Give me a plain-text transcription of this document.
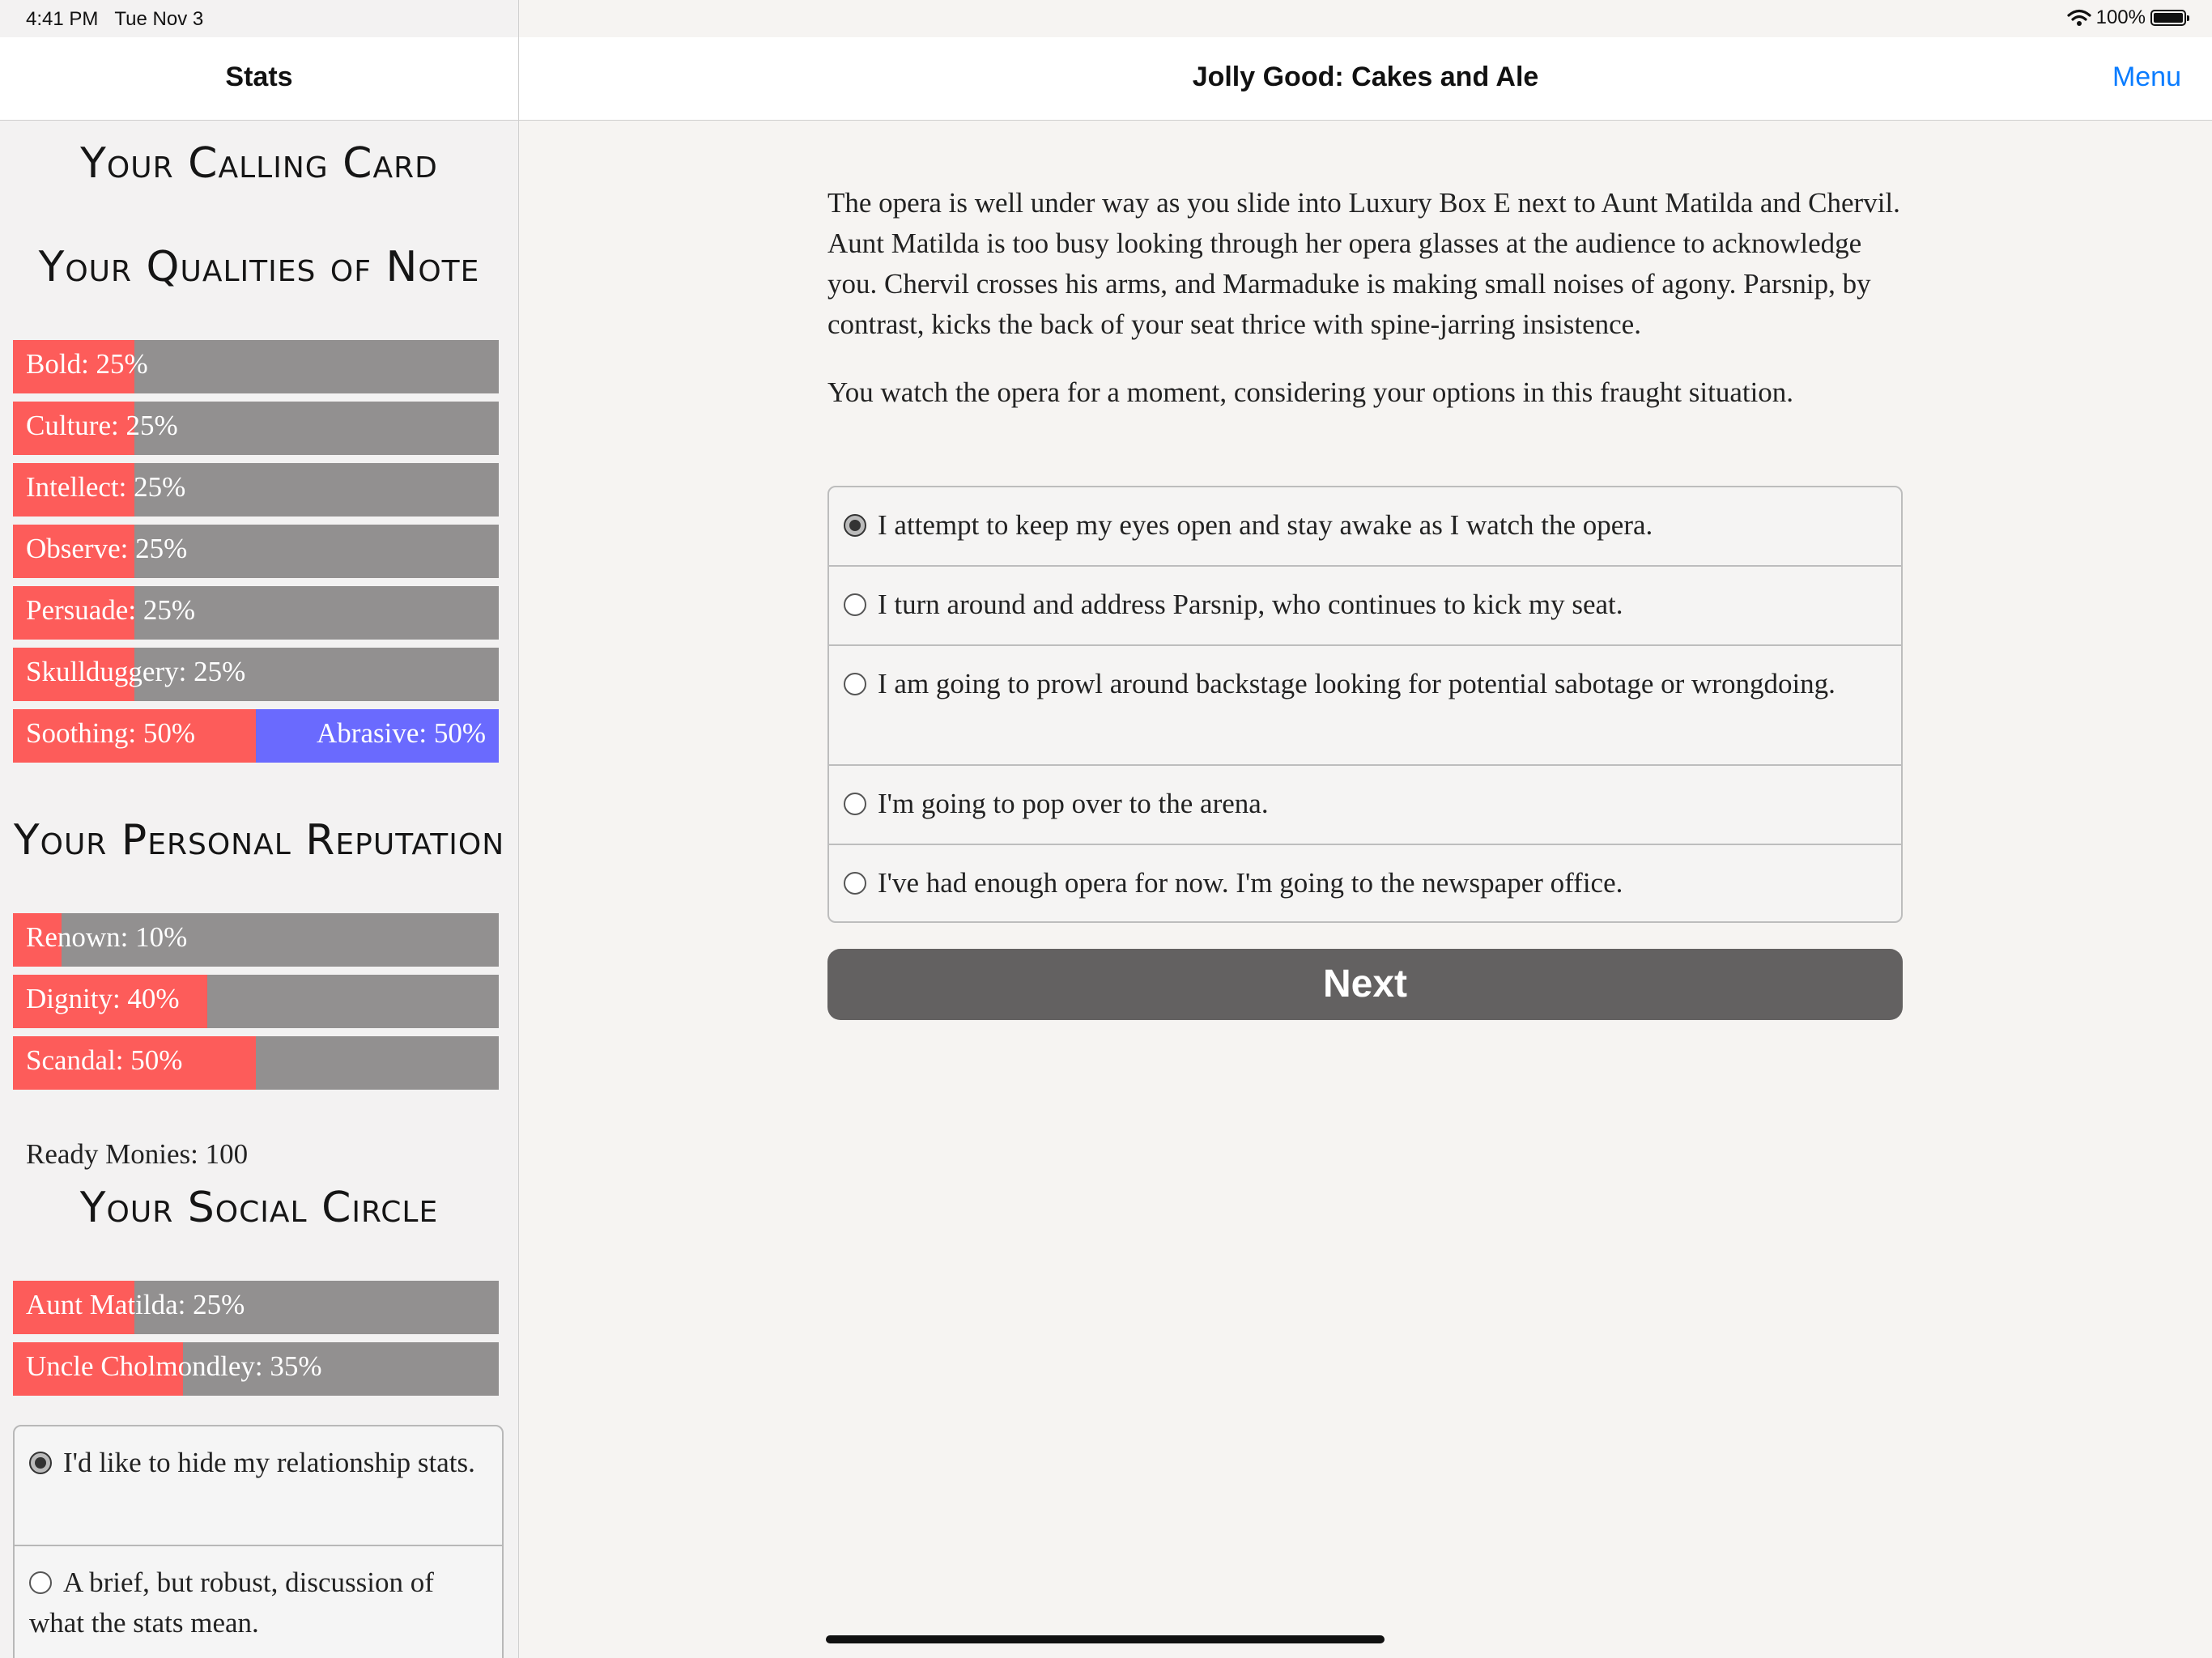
Stats
Your Calling Card
Your Qualities of Note
Bold: 25%
Culture: 25%
Intellect: 25%
Observe: 25%
Persuade: 25%
Skullduggery: 25%
Soothing: 50%	Abrasive: 50%
Your Personal Reputation
Renown: 10%
Dignity: 40%
Scandal: 50%
Ready Monies: 100
Your Social Circle
Aunt Matilda: 25%
Uncle Cholmondley: 35%
I'd like to hide my relationship stats.
A brief, but robust, discussion of what the stats mean.
Jolly Good: Cakes and Ale	Menu
4:41 PM Tue Nov 3	100%

The opera is well under way as you slide into Luxury Box E next to Aunt Matilda and Chervil. Aunt Matilda is too busy looking through her opera glasses at the audience to acknowledge you. Chervil crosses his arms, and Marmaduke is making small noises of agony. Parsnip, by contrast, kicks the back of your seat thrice with spine-jarring insistence.

You watch the opera for a moment, considering your options in this fraught situation.

I attempt to keep my eyes open and stay awake as I watch the opera.
I turn around and address Parsnip, who continues to kick my seat.
I am going to prowl around backstage looking for potential sabotage or wrongdoing.
I'm going to pop over to the arena.
I've had enough opera for now. I'm going to the newspaper office.
Next
